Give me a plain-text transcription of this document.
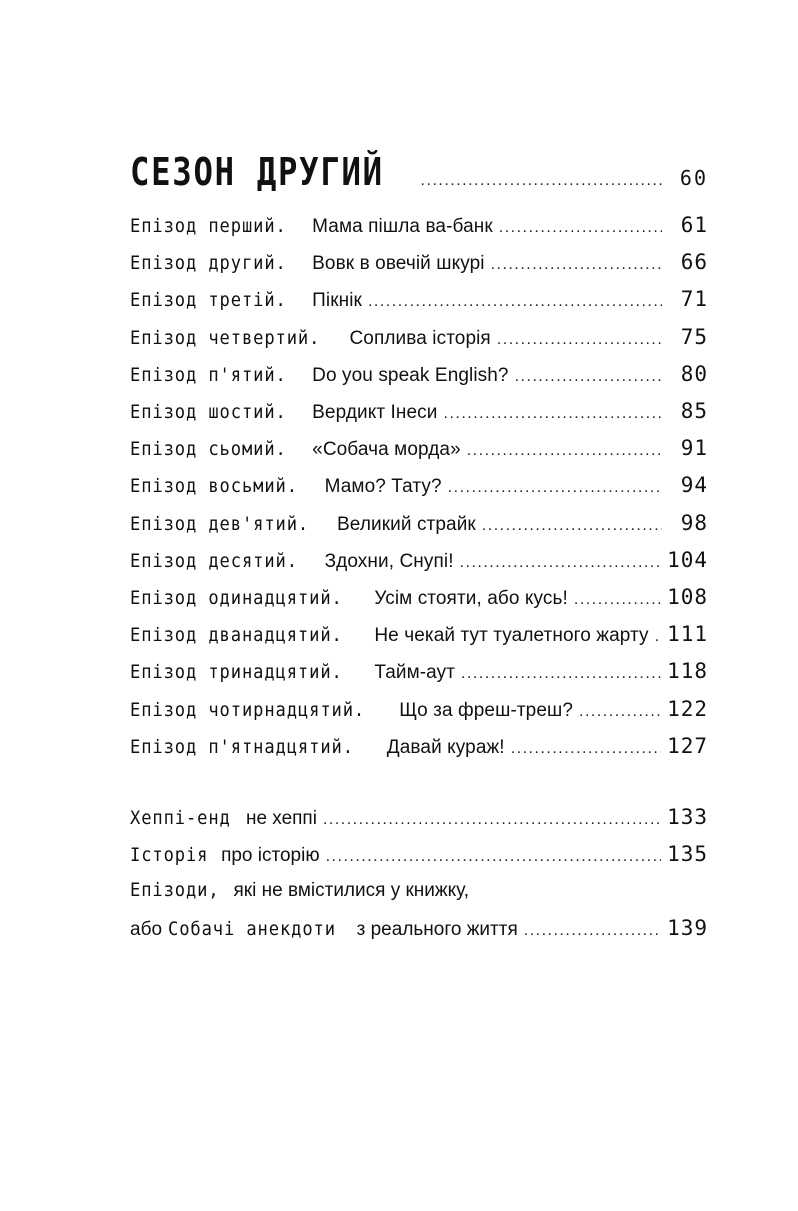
СЕЗОН ДРУГИЙ .....	60
Епізод перший. Мама пішла ва-банк .....	61
Епізод другий. Вовк в овечій шкурі .....	66
Епізод третій. Пікнік .....	71
Епізод четвертий. Соплива історія .....	75
Епізод п'ятий. Do you speak English? .....	80
Епізод шостий. Вердикт Інеси .....	85
Епізод сьомий. «Собача морда» .....	91
Епізод восьмий. Мамо? Тату? .....	94
Епізод дев'ятий. Великий страйк .....	98
Епізод десятий. Здохни, Снупі! .....	104
Епізод одинадцятий. Усім стояти, або кусь! .....	108
Епізод дванадцятий. Не чекай тут туалетного жарту ..... 111
Епізод тринадцятий. Тайм-аут .....	118
Епізод чотирнадцятий. Що за фреш-треш? .....	122
Епізод п'ятнадцятий. Давай кураж! .....	127
Хеппі-енд не хеппі .....	133
Історія про історію .....	135
Епізоди, які не вмістилися у книжку,
або Собачі анекдоти з реального життя .....	139
